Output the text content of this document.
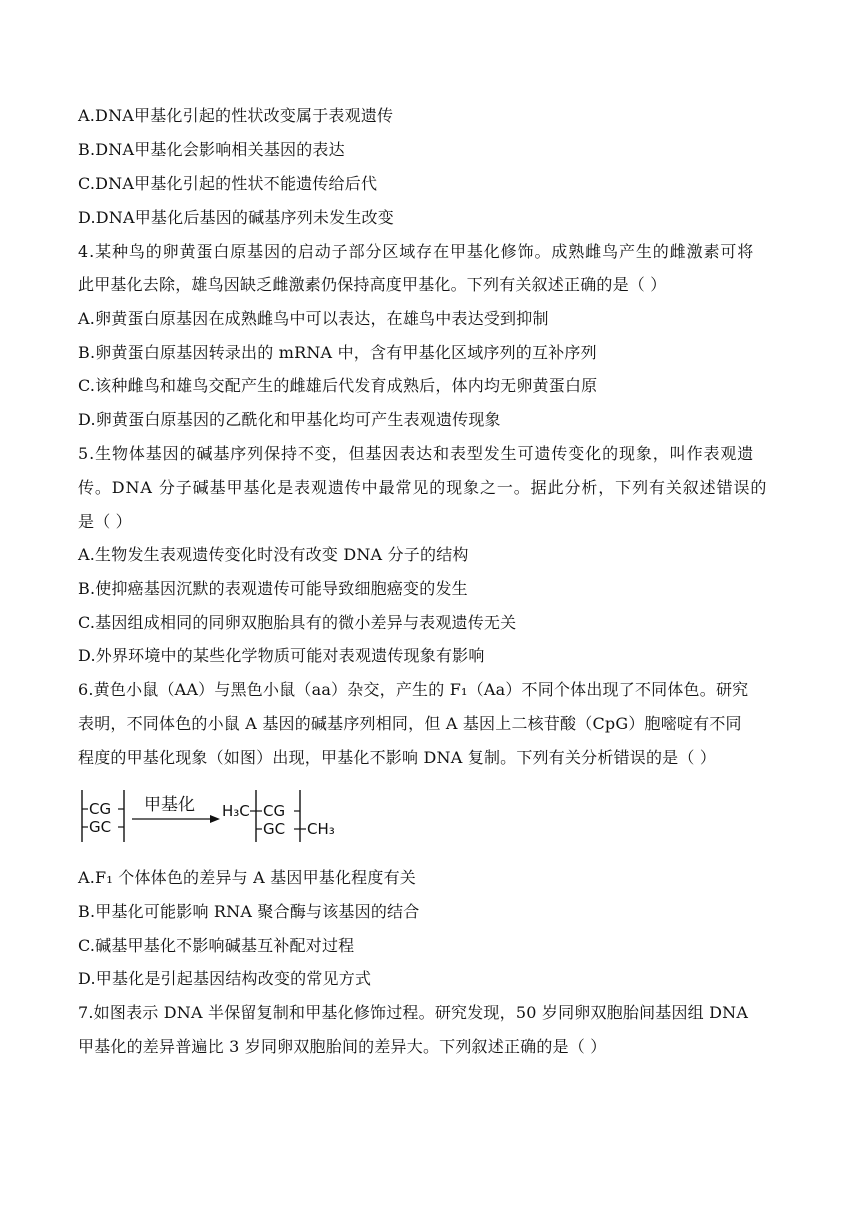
A.DNA甲基化引起的性状改变属于表观遗传
B.DNA甲基化会影响相关基因的表达
C.DNA甲基化引起的性状不能遗传给后代
D.DNA甲基化后基因的碱基序列未发生改变
4.某种鸟的卵黄蛋白原基因的启动子部分区域存在甲基化修饰。成熟雌鸟产生的雌激素可将
此甲基化去除，雄鸟因缺乏雌激素仍保持高度甲基化。下列有关叙述正确的是（ ）
A.卵黄蛋白原基因在成熟雌鸟中可以表达，在雄鸟中表达受到抑制
B.卵黄蛋白原基因转录出的 mRNA 中，含有甲基化区域序列的互补序列
C.该种雌鸟和雄鸟交配产生的雌雄后代发育成熟后，体内均无卵黄蛋白原
D.卵黄蛋白原基因的乙酰化和甲基化均可产生表观遗传现象
5.生物体基因的碱基序列保持不变，但基因表达和表型发生可遗传变化的现象，叫作表观遗
传。DNA 分子碱基甲基化是表观遗传中最常见的现象之一。据此分析，下列有关叙述错误的
是（ ）
A.生物发生表观遗传变化时没有改变 DNA 分子的结构
B.使抑癌基因沉默的表观遗传可能导致细胞癌变的发生
C.基因组成相同的同卵双胞胎具有的微小差异与表观遗传无关
D.外界环境中的某些化学物质可能对表观遗传现象有影响
6.黄色小鼠（AA）与黑色小鼠（aa）杂交，产生的 F₁（Aa）不同个体出现了不同体色。研究
表明，不同体色的小鼠 A 基因的碱基序列相同，但 A 基因上二核苷酸（CpG）胞嘧啶有不同
程度的甲基化现象（如图）出现，甲基化不影响 DNA 复制。下列有关分析错误的是（ ）
CG
GC
甲基化 H₃C CG
GC CH₃
A.F₁ 个体体色的差异与 A 基因甲基化程度有关
B.甲基化可能影响 RNA 聚合酶与该基因的结合
C.碱基甲基化不影响碱基互补配对过程
D.甲基化是引起基因结构改变的常见方式
7.如图表示 DNA 半保留复制和甲基化修饰过程。研究发现，50 岁同卵双胞胎间基因组 DNA
甲基化的差异普遍比 3 岁同卵双胞胎间的差异大。下列叙述正确的是（ ）
